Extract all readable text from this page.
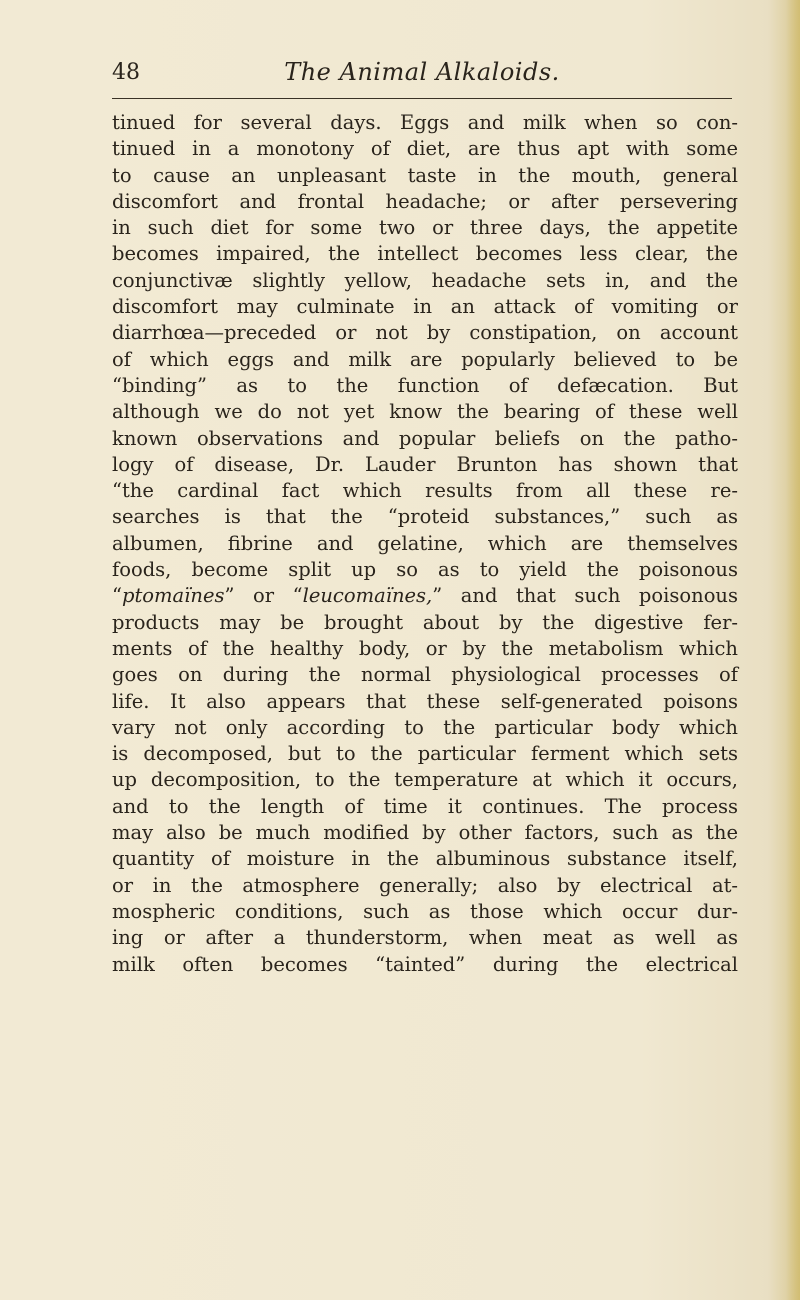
48	The Animal Alkaloids.
tinued for several days. Eggs and milk when so con-
tinued in a monotony of diet, are thus apt with some
to cause an unpleasant taste in the mouth, general
discomfort and frontal headache; or after persevering
in such diet for some two or three days, the appetite
becomes impaired, the intellect becomes less clear, the
conjunctivæ slightly yellow, headache sets in, and the
discomfort may culminate in an attack of vomiting or
diarrhœa—preceded or not by constipation, on account
of which eggs and milk are popularly believed to be
“binding” as to the function of defæcation. But
although we do not yet know the bearing of these well
known observations and popular beliefs on the patho-
logy of disease, Dr. Lauder Brunton has shown that
“the cardinal fact which results from all these re-
searches is that the “proteid substances,” such as
albumen, fibrine and gelatine, which are themselves
foods, become split up so as to yield the poisonous
“ptomaïnes” or “leucomaïnes,” and that such poisonous
products may be brought about by the digestive fer-
ments of the healthy body, or by the metabolism which
goes on during the normal physiological processes of
life. It also appears that these self-generated poisons
vary not only according to the particular body which
is decomposed, but to the particular ferment which sets
up decomposition, to the temperature at which it occurs,
and to the length of time it continues. The process
may also be much modified by other factors, such as the
quantity of moisture in the albuminous substance itself,
or in the atmosphere generally; also by electrical at-
mospheric conditions, such as those which occur dur-
ing or after a thunderstorm, when meat as well as
milk often becomes “tainted” during the electrical
